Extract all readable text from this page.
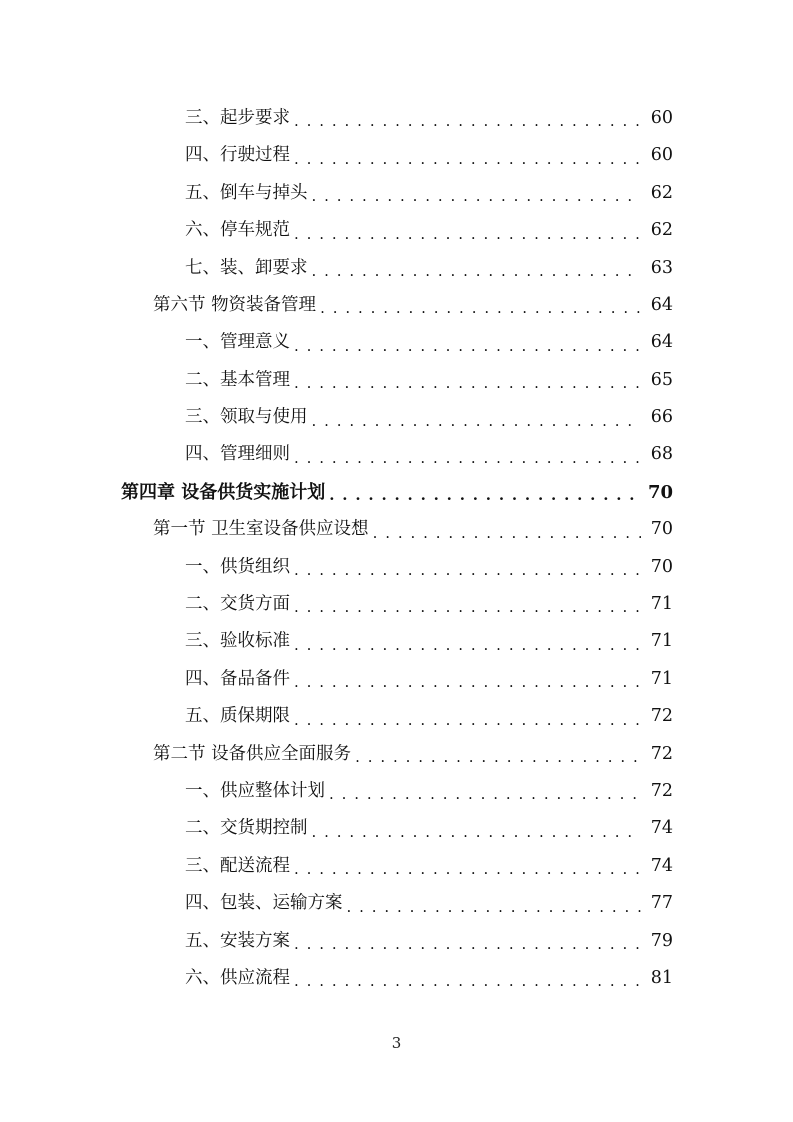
三、起步要求 . . .	60
四、行驶过程 . . .	60
五、倒车与掉头 . . .	62
六、停车规范 . . .	62
七、装、卸要求 . . .	63
第六节 物资装备管理 . . .	64
一、管理意义 . . .	64
二、基本管理 . . .	65
三、领取与使用 . . .	66
四、管理细则 . . .	68
第四章 设备供货实施计划 . . .	70
第一节 卫生室设备供应设想 . . .	70
一、供货组织 . . .	70
二、交货方面 . . .	71
三、验收标准 . . .	71
四、备品备件 . . .	71
五、质保期限 . . .	72
第二节 设备供应全面服务 . . .	72
一、供应整体计划 . . .	72
二、交货期控制 . . .	74
三、配送流程 . . .	74
四、包装、运输方案 . . .	77
五、安装方案 . . .	79
六、供应流程 . . .	81
3
